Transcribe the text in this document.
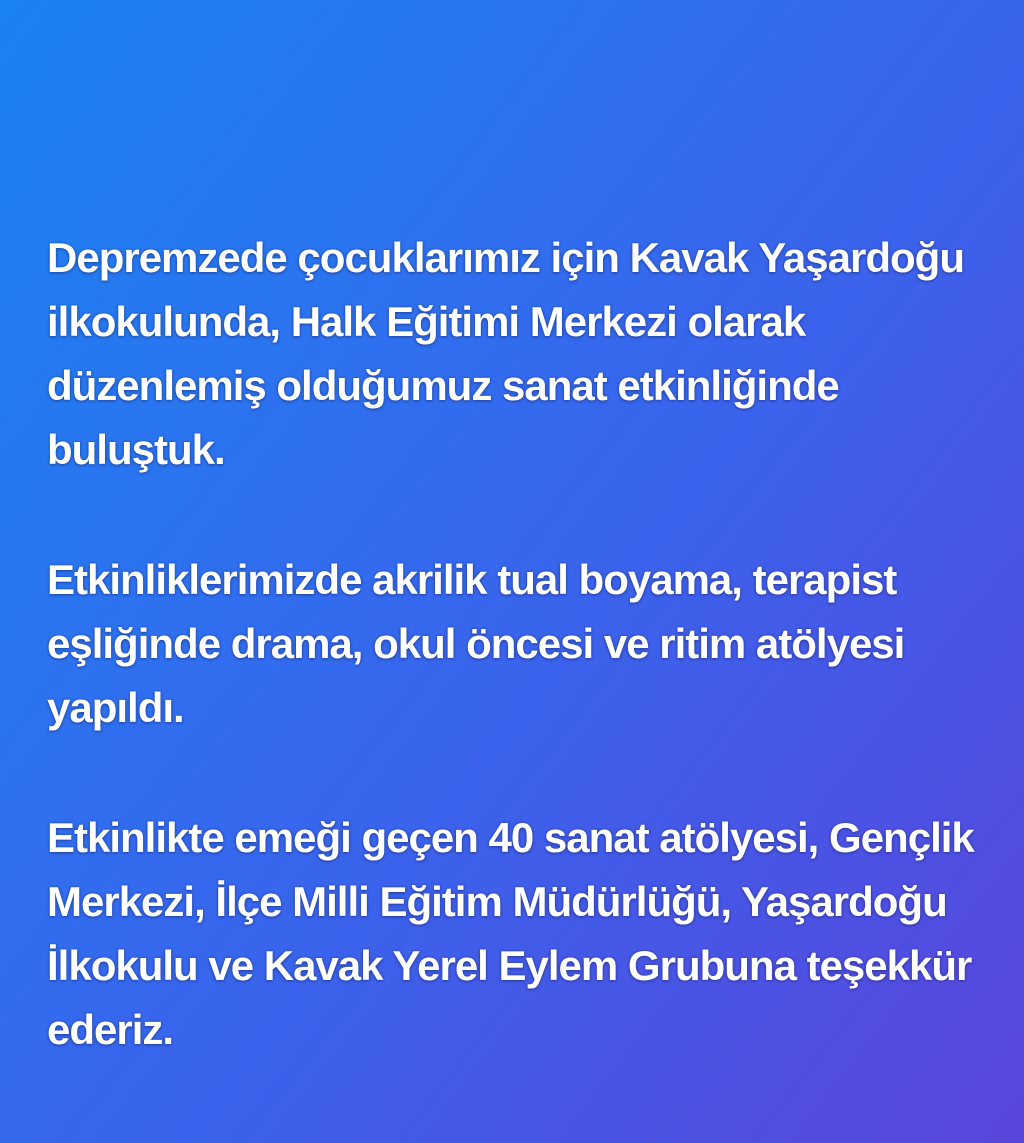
Depremzede çocuklarımız için Kavak Yaşardoğu
ilkokulunda, Halk Eğitimi Merkezi olarak
düzenlemiş olduğumuz sanat etkinliğinde
buluştuk.
Etkinliklerimizde akrilik tual boyama, terapist
eşliğinde drama, okul öncesi ve ritim atölyesi
yapıldı.
Etkinlikte emeği geçen 40 sanat atölyesi, Gençlik
Merkezi, İlçe Milli Eğitim Müdürlüğü, Yaşardoğu
İlkokulu ve Kavak Yerel Eylem Grubuna teşekkür
ederiz.
